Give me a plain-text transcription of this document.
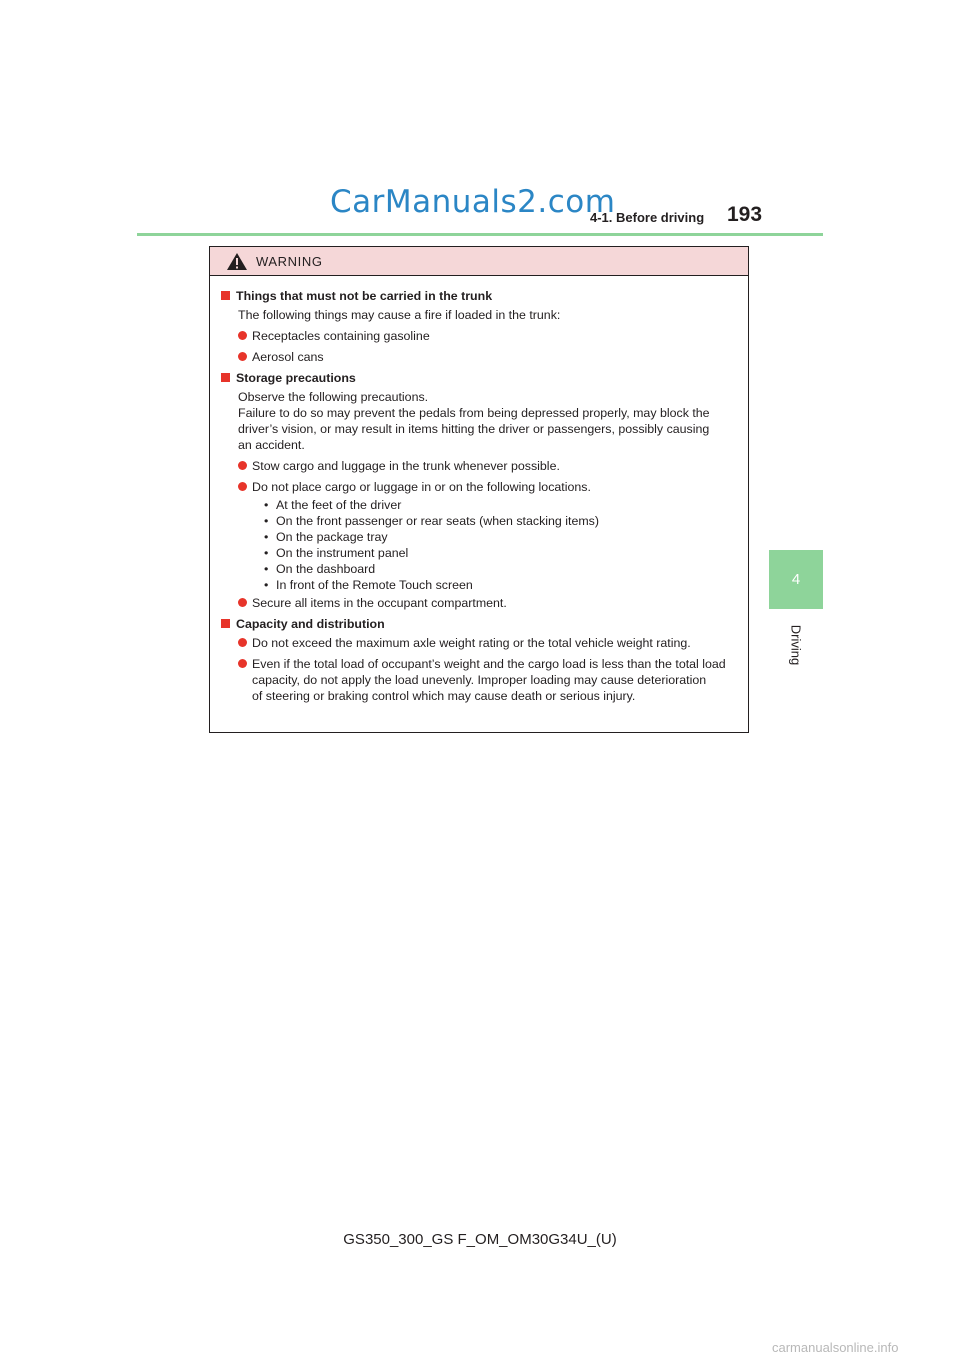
CarManuals2.com
4-1. Before driving 193
4
Driving
WARNING
Things that must not be carried in the trunk
The following things may cause a fire if loaded in the trunk:
Receptacles containing gasoline
Aerosol cans
Storage precautions
Observe the following precautions.
Failure to do so may prevent the pedals from being depressed properly, may block the
driver’s vision, or may result in items hitting the driver or passengers, possibly causing
an accident.
Stow cargo and luggage in the trunk whenever possible.
Do not place cargo or luggage in or on the following locations.
• At the feet of the driver
• On the front passenger or rear seats (when stacking items)
• On the package tray
• On the instrument panel
• On the dashboard
• In front of the Remote Touch screen
Secure all items in the occupant compartment.
Capacity and distribution
Do not exceed the maximum axle weight rating or the total vehicle weight rating.
Even if the total load of occupant’s weight and the cargo load is less than the total load
capacity, do not apply the load unevenly. Improper loading may cause deterioration
of steering or braking control which may cause death or serious injury.
GS350_300_GS F_OM_OM30G34U_(U)
carmanualsonline.info
